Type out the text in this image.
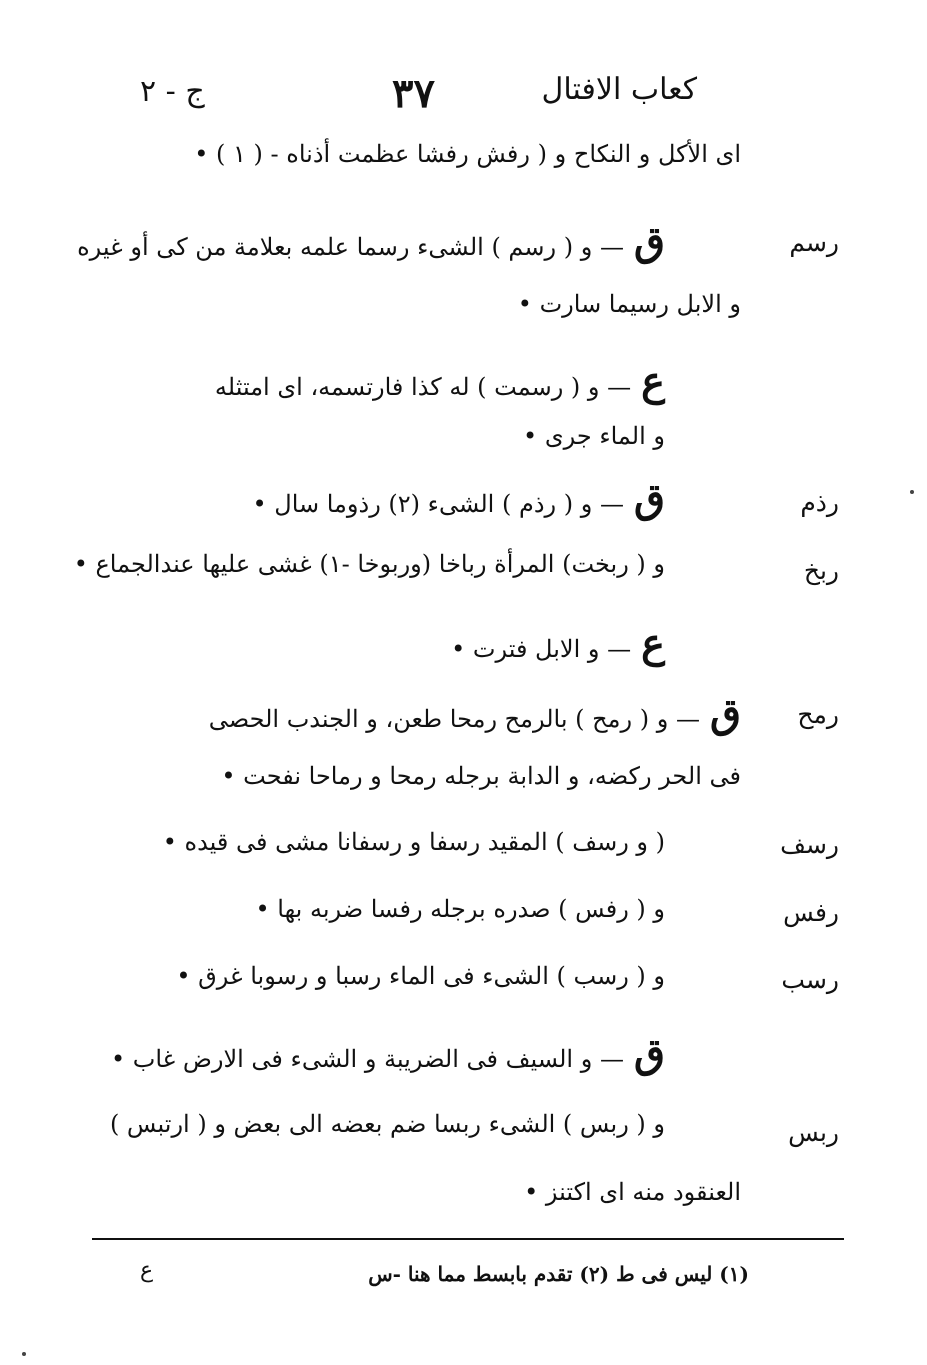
كعاب الافتال
٣٧
ج - ٢
اى الأكل و النكاح و ( رفش رفشا عظمت أذناه - ( ١ ) •
رسم
ق— و ( رسم ) الشىء رسما علمه بعلامة من كى أو غيره
و الابل رسيما سارت •
ع— و ( رسمت ) له كذا فارتسمه، اى امتثله
و الماء جرى •
رذم
ق— و ( رذم ) الشىء (٢) رذوما سال •
ربخ
و ( ربخت) المرأة رباخا (وربوخا -١) غشى عليها عندالجماع •
ع— و الابل فترت •
رمح
ق— و ( رمح ) بالرمح رمحا طعن، و الجندب الحصى
فى الحر ركضه، و الدابة برجله رمحا و رماحا نفحت •
رسف
( و رسف ) المقيد رسفا و رسفانا مشى فى قيده •
رفس
و ( رفس ) صدره برجله رفسا ضربه بها •
رسب
و ( رسب ) الشىء فى الماء رسبا و رسوبا غرق •
ق— و السيف فى الضريبة و الشىء فى الارض غاب •
ربس
و ( ربس ) الشىء ربسا ضم بعضه الى بعض و ( ارتبس )
العنقود منه اى اكتنز •
(١) ليس فى ط (٢) تقدم بابسط مما هنا -س
ع
